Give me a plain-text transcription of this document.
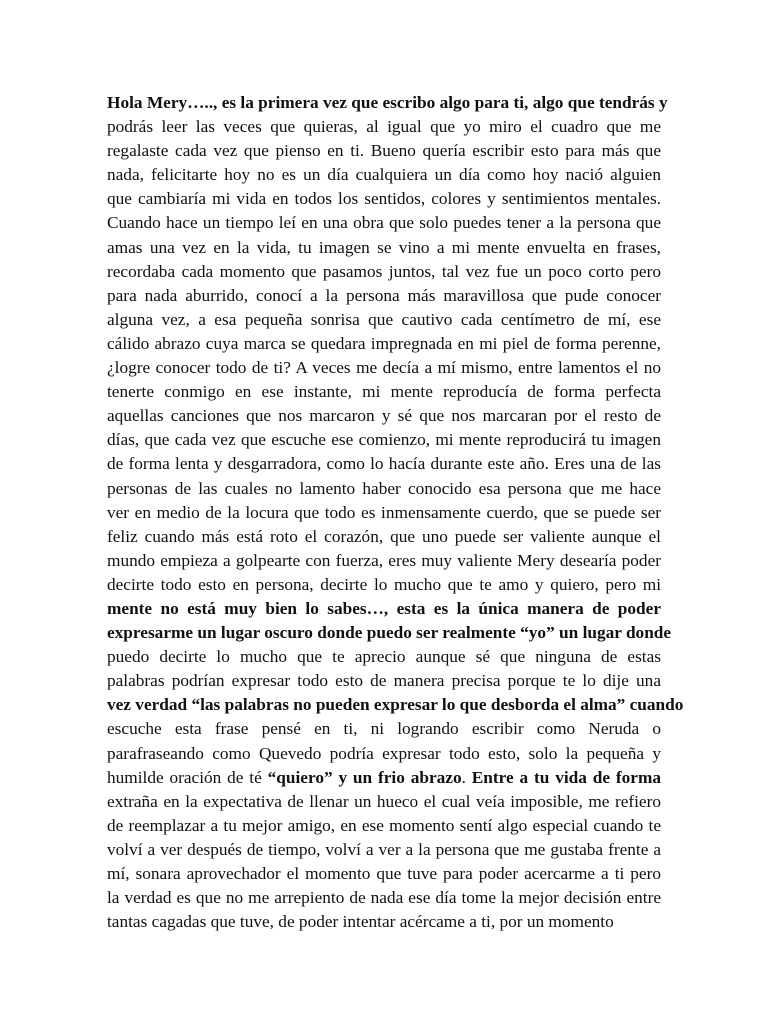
Hola Mery….., es la primera vez que escribo algo para ti, algo que tendrás y
podrás leer las veces que quieras, al igual que yo miro el cuadro que me
regalaste cada vez que pienso en ti. Bueno quería escribir esto para más que
nada, felicitarte hoy no es un día cualquiera un día como hoy nació alguien
que cambiaría mi vida en todos los sentidos, colores y sentimientos mentales.
Cuando hace un tiempo leí en una obra que solo puedes tener a la persona que
amas una vez en la vida, tu imagen se vino a mi mente envuelta en frases,
recordaba cada momento que pasamos juntos, tal vez fue un poco corto pero
para nada aburrido, conocí a la persona más maravillosa que pude conocer
alguna vez, a esa pequeña sonrisa que cautivo cada centímetro de mí, ese
cálido abrazo cuya marca se quedara impregnada en mi piel de forma perenne,
¿logre conocer todo de ti? A veces me decía a mí mismo, entre lamentos el no
tenerte conmigo en ese instante, mi mente reproducía de forma perfecta
aquellas canciones que nos marcaron y sé que nos marcaran por el resto de
días, que cada vez que escuche ese comienzo, mi mente reproducirá tu imagen
de forma lenta y desgarradora, como lo hacía durante este año. Eres una de las
personas de las cuales no lamento haber conocido esa persona que me hace
ver en medio de la locura que todo es inmensamente cuerdo, que se puede ser
feliz cuando más está roto el corazón, que uno puede ser valiente aunque el
mundo empieza a golpearte con fuerza, eres muy valiente Mery desearía poder
decirte todo esto en persona, decirte lo mucho que te amo y quiero, pero mi
mente no está muy bien lo sabes…, esta es la única manera de poder
expresarme un lugar oscuro donde puedo ser realmente “yo” un lugar donde
puedo decirte lo mucho que te aprecio aunque sé que ninguna de estas
palabras podrían expresar todo esto de manera precisa porque te lo dije una
vez verdad “las palabras no pueden expresar lo que desborda el alma” cuando
escuche esta frase pensé en ti, ni logrando escribir como Neruda o
parafraseando como Quevedo podría expresar todo esto, solo la pequeña y
humilde oración de té “quiero” y un frio abrazo. Entre a tu vida de forma
extraña en la expectativa de llenar un hueco el cual veía imposible, me refiero
de reemplazar a tu mejor amigo, en ese momento sentí algo especial cuando te
volví a ver después de tiempo, volví a ver a la persona que me gustaba frente a
mí, sonara aprovechador el momento que tuve para poder acercarme a ti pero
la verdad es que no me arrepiento de nada ese día tome la mejor decisión entre
tantas cagadas que tuve, de poder intentar acércame a ti, por un momento
